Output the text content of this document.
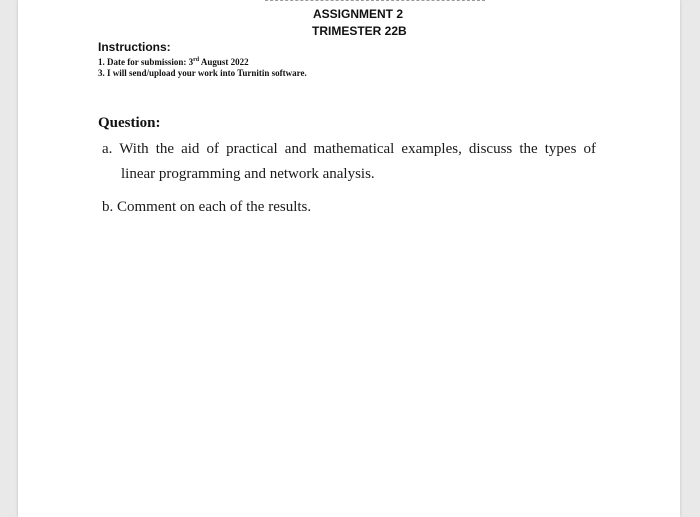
ASSIGNMENT 2
TRIMESTER 22B
Instructions:
1. Date for submission: 3rd August 2022
3. I will send/upload your work into Turnitin software.
Question:
a. With the aid of practical and mathematical examples, discuss the types of
linear programming and network analysis.
b. Comment on each of the results.
